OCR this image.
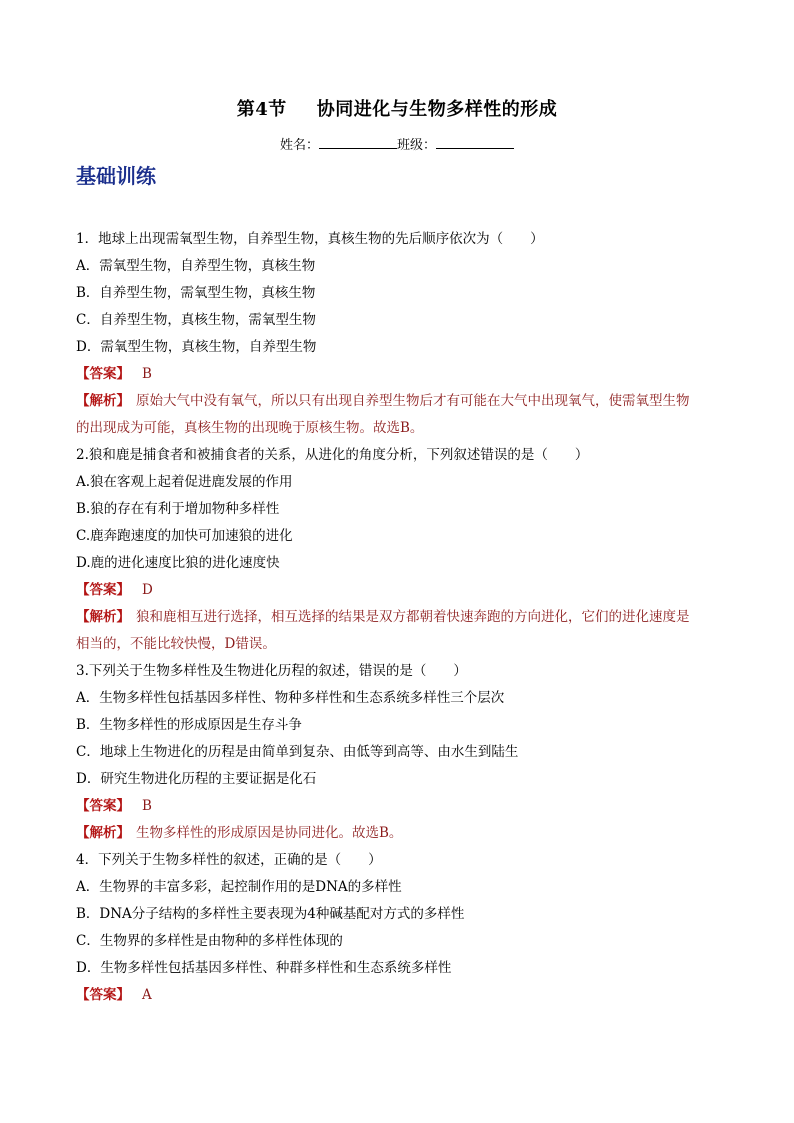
第4节 协同进化与生物多样性的形成
姓名：	班级：
基础训练
1．地球上出现需氧型生物，自养型生物，真核生物的先后顺序依次为（　　）
A．需氧型生物，自养型生物，真核生物
B．自养型生物，需氧型生物，真核生物
C．自养型生物，真核生物，需氧型生物
D．需氧型生物，真核生物，自养型生物
【答案】 B
【解析】 原始大气中没有氧气，所以只有出现自养型生物后才有可能在大气中出现氧气，使需氧型生物
的出现成为可能，真核生物的出现晚于原核生物。故选B。
2.狼和鹿是捕食者和被捕食者的关系，从进化的角度分析，下列叙述错误的是（　　）
A.狼在客观上起着促进鹿发展的作用
B.狼的存在有利于增加物种多样性
C.鹿奔跑速度的加快可加速狼的进化
D.鹿的进化速度比狼的进化速度快
【答案】 D
【解析】 狼和鹿相互进行选择，相互选择的结果是双方都朝着快速奔跑的方向进化，它们的进化速度是
相当的，不能比较快慢，D错误。
3.下列关于生物多样性及生物进化历程的叙述，错误的是（　　）
A．生物多样性包括基因多样性、物种多样性和生态系统多样性三个层次
B．生物多样性的形成原因是生存斗争
C．地球上生物进化的历程是由简单到复杂、由低等到高等、由水生到陆生
D．研究生物进化历程的主要证据是化石
【答案】 B
【解析】 生物多样性的形成原因是协同进化。故选B。
4．下列关于生物多样性的叙述，正确的是（　　）
A．生物界的丰富多彩，起控制作用的是DNA的多样性
B．DNA分子结构的多样性主要表现为4种碱基配对方式的多样性
C．生物界的多样性是由物种的多样性体现的
D．生物多样性包括基因多样性、种群多样性和生态系统多样性
【答案】 A
